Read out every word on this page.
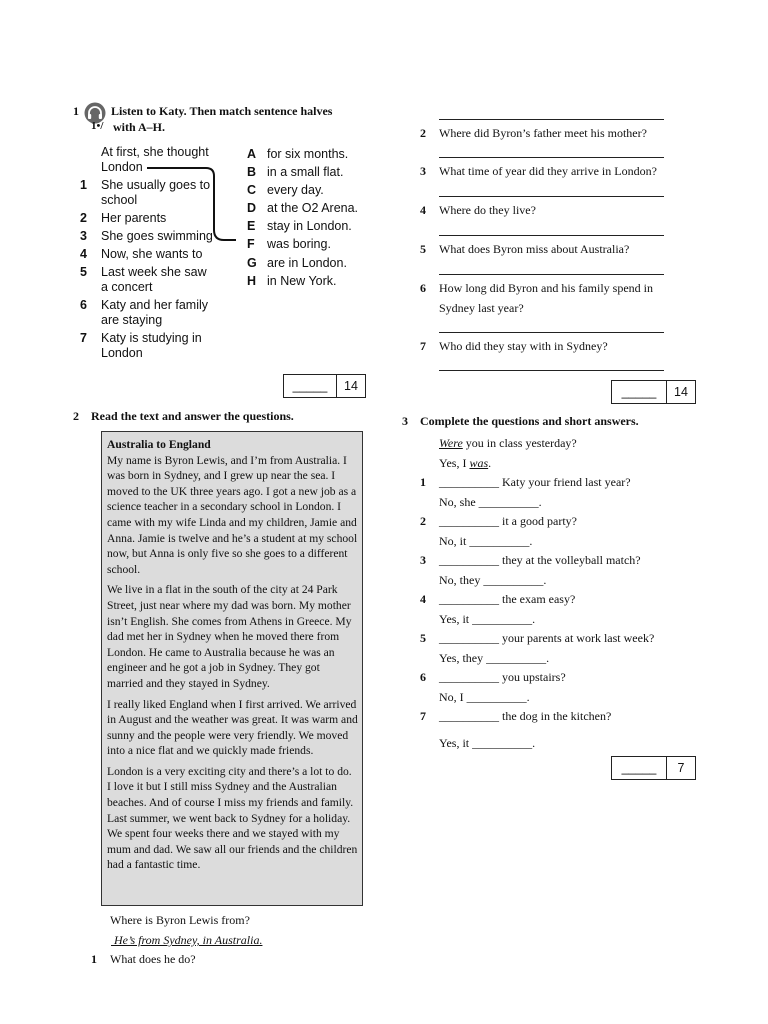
1	Listen to Katy. Then match sentence halves
1•/ with A–H.
At first, she thought
London
1 She usually goes to
school
2 Her parents
3 She goes swimming
4 Now, she wants to
5 Last week she saw
a concert
6 Katy and her family
are staying
7 Katy is studying in
London
A for six months.
B in a small flat.
C every day.
D at the O2 Arena.
E stay in London.
F was boring.
G are in London.
H in New York.
_____	14
2 Read the text and answer the questions.

Australia to England

My name is Byron Lewis, and I’m from Australia. I was born in Sydney, and I grew up near the sea. I moved to the UK three years ago. I got a new job as a science teacher in a secondary school in London. I came with my wife Linda and my children, Jamie and Anna. Jamie is twelve and he’s a student at my school now, but Anna is only five so she goes to a different school.

We live in a flat in the south of the city at 24 Park Street, just near where my dad was born. My mother isn’t English. She comes from Athens in Greece. My dad met her in Sydney when he moved there from London. He came to Australia because he was an engineer and he got a job in Sydney. They got married and they stayed in Sydney.

I really liked England when I first arrived. We arrived in August and the weather was great. It was warm and sunny and the people were very friendly. We moved into a nice flat and we quickly made friends.

London is a very exciting city and there’s a lot to do. I love it but I still miss Sydney and the Australian beaches. And of course I miss my friends and family. Last summer, we went back to Sydney for a holiday. We spent four weeks there and we stayed with my mum and dad. We saw all our friends and the children had a fantastic time.

Where is Byron Lewis from?
He’s from Sydney, in Australia.
1 What does he do?
2 Where did Byron’s father meet his mother?
3 What time of year did they arrive in London?
4 Where do they live?
5 What does Byron miss about Australia?
6 How long did Byron and his family spend in
Sydney last year?
7 Who did they stay with in Sydney?
_____	14
3 Complete the questions and short answers.
Were you in class yesterday?
Yes, I was.
1 __________ Katy your friend last year?
No, she __________.
2 __________ it a good party?
No, it __________.
3 __________ they at the volleyball match?
No, they __________.
4 __________ the exam easy?
Yes, it __________.
5 __________ your parents at work last week?
Yes, they __________.
6 __________ you upstairs?
No, I __________.
7 __________ the dog in the kitchen?
Yes, it __________.
_____	7
